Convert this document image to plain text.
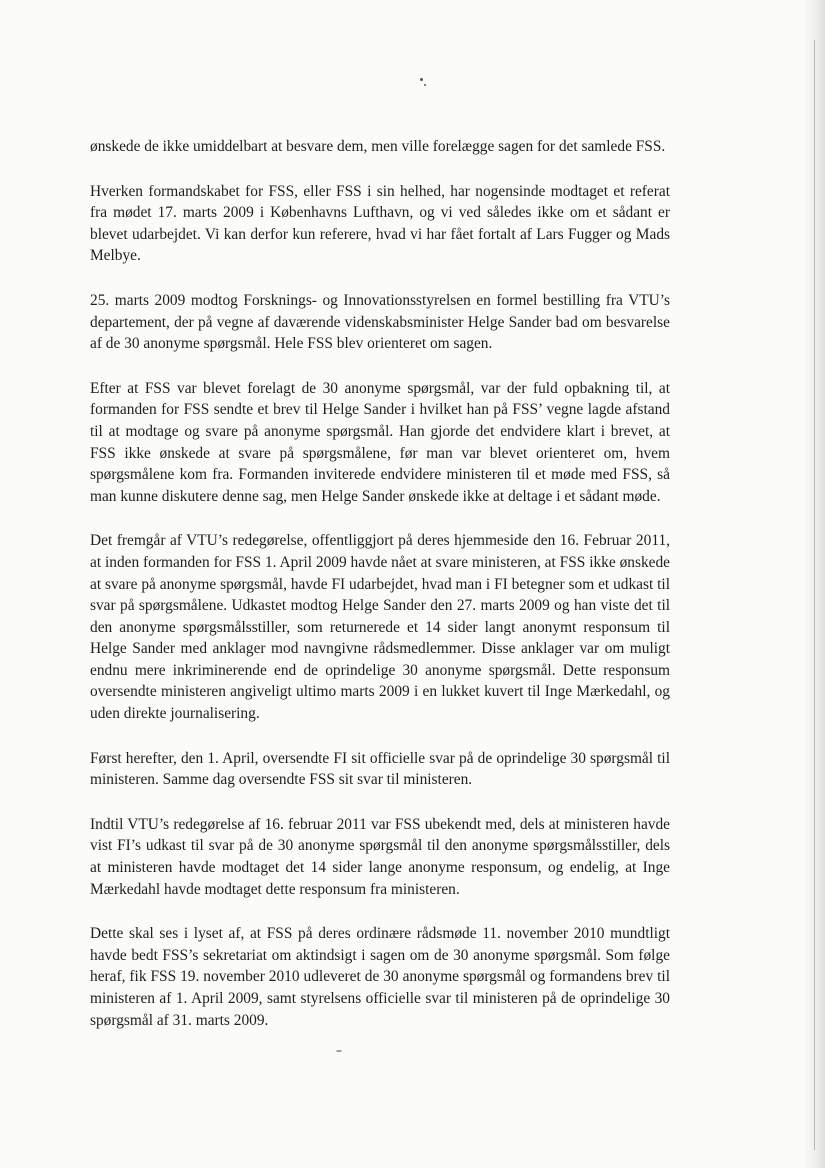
ønskede de ikke umiddelbart at besvare dem, men ville forelægge sagen for det samlede FSS.

Hverken formandskabet for FSS, eller FSS i sin helhed, har nogensinde modtaget et referat fra mødet 17. marts 2009 i Københavns Lufthavn, og vi ved således ikke om et sådant er blevet udarbejdet. Vi kan derfor kun referere, hvad vi har fået fortalt af Lars Fugger og Mads Melbye.

25. marts 2009 modtog Forsknings- og Innovationsstyrelsen en formel bestilling fra VTU’s departement, der på vegne af daværende videnskabsminister Helge Sander bad om besvarelse af de 30 anonyme spørgsmål. Hele FSS blev orienteret om sagen.

Efter at FSS var blevet forelagt de 30 anonyme spørgsmål, var der fuld opbakning til, at formanden for FSS sendte et brev til Helge Sander i hvilket han på FSS’ vegne lagde afstand til at modtage og svare på anonyme spørgsmål. Han gjorde det endvidere klart i brevet, at FSS ikke ønskede at svare på spørgsmålene, før man var blevet orienteret om, hvem spørgsmålene kom fra. Formanden inviterede endvidere ministeren til et møde med FSS, så man kunne diskutere denne sag, men Helge Sander ønskede ikke at deltage i et sådant møde.

Det fremgår af VTU’s redegørelse, offentliggjort på deres hjemmeside den 16. Februar 2011, at inden formanden for FSS 1. April 2009 havde nået at svare ministeren, at FSS ikke ønskede at svare på anonyme spørgsmål, havde FI udarbejdet, hvad man i FI betegner som et udkast til svar på spørgsmålene. Udkastet modtog Helge Sander den 27. marts 2009 og han viste det til den anonyme spørgsmålsstiller, som returnerede et 14 sider langt anonymt responsum til Helge Sander med anklager mod navngivne rådsmedlemmer. Disse anklager var om muligt endnu mere inkriminerende end de oprindelige 30 anonyme spørgsmål. Dette responsum oversendte ministeren angiveligt ultimo marts 2009 i en lukket kuvert til Inge Mærkedahl, og uden direkte journalisering.

Først herefter, den 1. April, oversendte FI sit officielle svar på de oprindelige 30 spørgsmål til ministeren. Samme dag oversendte FSS sit svar til ministeren.

Indtil VTU’s redegørelse af 16. februar 2011 var FSS ubekendt med, dels at ministeren havde vist FI’s udkast til svar på de 30 anonyme spørgsmål til den anonyme spørgsmålsstiller, dels at ministeren havde modtaget det 14 sider lange anonyme responsum, og endelig, at Inge Mærkedahl havde modtaget dette responsum fra ministeren.

Dette skal ses i lyset af, at FSS på deres ordinære rådsmøde 11. november 2010 mundtligt havde bedt FSS’s sekretariat om aktindsigt i sagen om de 30 anonyme spørgsmål. Som følge heraf, fik FSS 19. november 2010 udleveret de 30 anonyme spørgsmål og formandens brev til ministeren af 1. April 2009, samt styrelsens officielle svar til ministeren på de oprindelige 30 spørgsmål af 31. marts 2009.
